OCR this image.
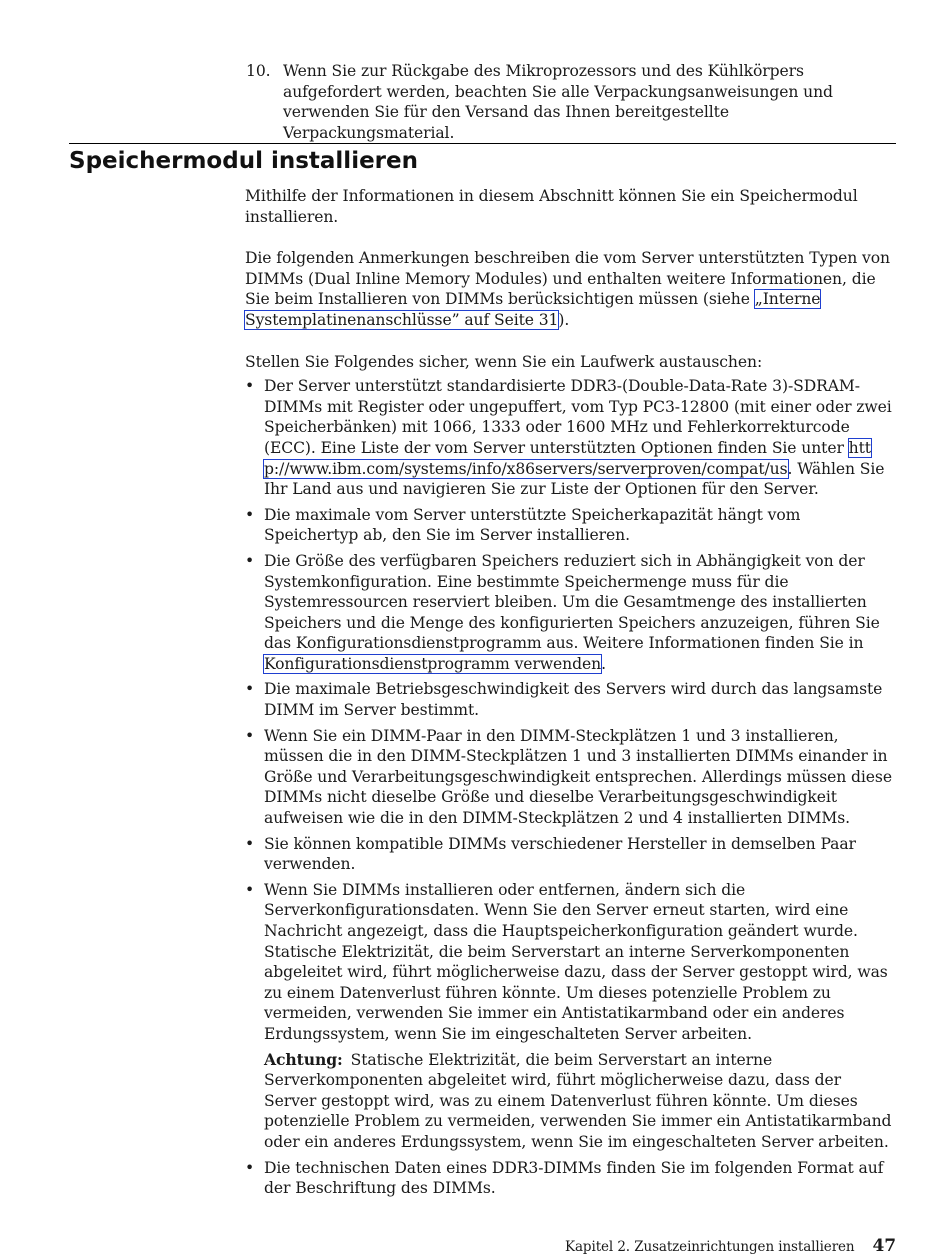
10. Wenn Sie zur Rückgabe des Mikroprozessors und des Kühlkörpers aufgefordert werden, beachten Sie alle Verpackungsanweisungen und verwenden Sie für den Versand das Ihnen bereitgestellte Verpackungsmaterial.
Speichermodul installieren

Mithilfe der Informationen in diesem Abschnitt können Sie ein Speichermodul installieren.

Die folgenden Anmerkungen beschreiben die vom Server unterstützten Typen von DIMMs (Dual Inline Memory Modules) und enthalten weitere Informationen, die Sie beim Installieren von DIMMs berücksichtigen müssen (siehe „Interne Systemplatinenanschlüsse” auf Seite 31).

Stellen Sie Folgendes sicher, wenn Sie ein Laufwerk austauschen:

• Der Server unterstützt standardisierte DDR3-(Double-Data-Rate 3)-SDRAM-DIMMs mit Register oder ungepuffert, vom Typ PC3-12800 (mit einer oder zwei Speicherbänken) mit 1066, 1333 oder 1600 MHz und Fehlerkorrekturcode (ECC). Eine Liste der vom Server unterstützten Optionen finden Sie unter http://www.ibm.com/systems/info/x86servers/serverproven/compat/us. Wählen Sie Ihr Land aus und navigieren Sie zur Liste der Optionen für den Server.
• Die maximale vom Server unterstützte Speicherkapazität hängt vom Speichertyp ab, den Sie im Server installieren.
• Die Größe des verfügbaren Speichers reduziert sich in Abhängigkeit von der Systemkonfiguration. Eine bestimmte Speichermenge muss für die Systemressourcen reserviert bleiben. Um die Gesamtmenge des installierten Speichers und die Menge des konfigurierten Speichers anzuzeigen, führen Sie das Konfigurationsdienstprogramm aus. Weitere Informationen finden Sie in Konfigurationsdienstprogramm verwenden.
• Die maximale Betriebsgeschwindigkeit des Servers wird durch das langsamste DIMM im Server bestimmt.
• Wenn Sie ein DIMM-Paar in den DIMM-Steckplätzen 1 und 3 installieren, müssen die in den DIMM-Steckplätzen 1 und 3 installierten DIMMs einander in Größe und Verarbeitungsgeschwindigkeit entsprechen. Allerdings müssen diese DIMMs nicht dieselbe Größe und dieselbe Verarbeitungsgeschwindigkeit aufweisen wie die in den DIMM-Steckplätzen 2 und 4 installierten DIMMs.
• Sie können kompatible DIMMs verschiedener Hersteller in demselben Paar verwenden.
• Wenn Sie DIMMs installieren oder entfernen, ändern sich die Serverkonfigurationsdaten. Wenn Sie den Server erneut starten, wird eine Nachricht angezeigt, dass die Hauptspeicherkonfiguration geändert wurde. Statische Elektrizität, die beim Serverstart an interne Serverkomponenten abgeleitet wird, führt möglicherweise dazu, dass der Server gestoppt wird, was zu einem Datenverlust führen könnte. Um dieses potenzielle Problem zu vermeiden, verwenden Sie immer ein Antistatikarmband oder ein anderes Erdungssystem, wenn Sie im eingeschalteten Server arbeiten.
Achtung: Statische Elektrizität, die beim Serverstart an interne Serverkomponenten abgeleitet wird, führt möglicherweise dazu, dass der Server gestoppt wird, was zu einem Datenverlust führen könnte. Um dieses potenzielle Problem zu vermeiden, verwenden Sie immer ein Antistatikarmband oder ein anderes Erdungssystem, wenn Sie im eingeschalteten Server arbeiten.
• Die technischen Daten eines DDR3-DIMMs finden Sie im folgenden Format auf der Beschriftung des DIMMs.
Kapitel 2. Zusatzeinrichtungen installieren 47
